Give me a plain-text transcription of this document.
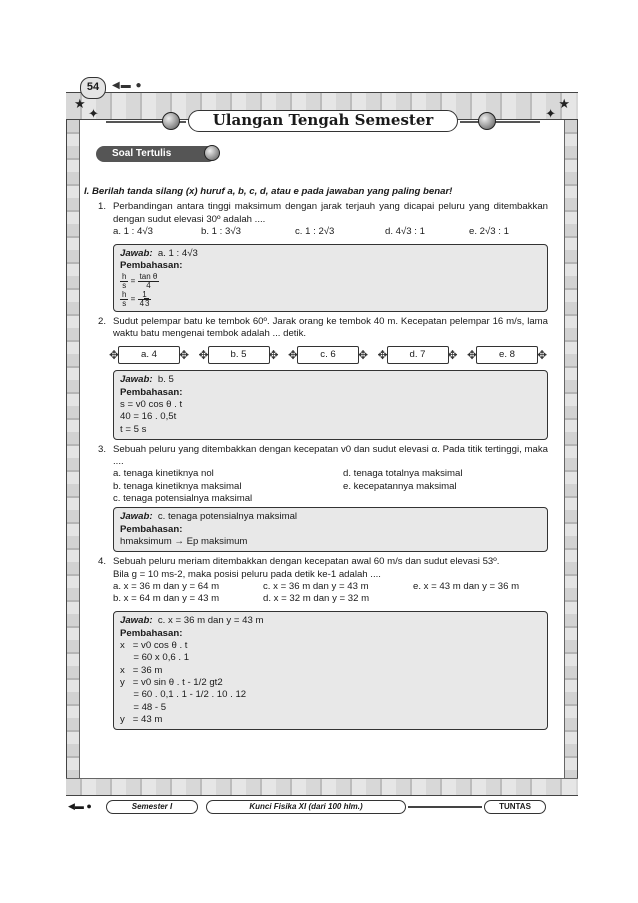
★
✦
★
✦
54	◀▬ ●
Ulangan Tengah Semester
Soal Tertulis
I. Berilah tanda silang (x) huruf a, b, c, d, atau e pada jawaban yang paling benar!
1. Perbandingan antara tinggi maksimum dengan jarak terjauh yang dicapai peluru yang ditembakkan dengan sudut elevasi 30º adalah ....
a. 1 : 4√3	b. 1 : 3√3	c. 1 : 2√3	d. 4√3 : 1	e. 2√3 : 1
Jawab: a. 1 : 4√3
Pembahasan:
$\frac{h}{s} = \frac{\text{tan θ}}{4}$
$\frac{h}{s} = \frac{1}{43}$
2. Sudut pelempar batu ke tembok 60º. Jarak orang ke tembok 40 m. Kecepatan pelempar 16 m/s, lama waktu batu mengenai tembok adalah ... detik.
✥ a. 4 ✥	✥ b. 5 ✥	✥ c. 6 ✥	✥ d. 7 ✥	✥ e. 8 ✥
Jawab: b. 5
Pembahasan:
s = v0 cos θ . t
40 = 16 . 0,5t
t = 5 s
3. Sebuah peluru yang ditembakkan dengan kecepatan v0 dan sudut elevasi α. Pada titik tertinggi, maka ....
a. tenaga kinetiknya nol	d. tenaga totalnya maksimal
b. tenaga kinetiknya maksimal	e. kecepatannya maksimal
c. tenaga potensialnya maksimal
Jawab: c. tenaga potensialnya maksimal
Pembahasan:
hmaksimum → Ep maksimum
4. Sebuah peluru meriam ditembakkan dengan kecepatan awal 60 m/s dan sudut elevasi 53º.
Bila g = 10 ms-2, maka posisi peluru pada detik ke-1 adalah ....
a. x = 36 m dan y = 64 m	c. x = 36 m dan y = 43 m	e. x = 43 m dan y = 36 m
b. x = 64 m dan y = 43 m	d. x = 32 m dan y = 32 m
Jawab: c. x = 36 m dan y = 43 m
Pembahasan:
x   = v0 cos θ . t
= 60 x 0,6 . 1
x   = 36 m
y   = v0 sin θ . t - 1/2 gt2
= 60 . 0,1 . 1 - 1/2 . 10 . 12
= 48 - 5
y   = 43 m
◀▬ ●	Semester I	Kunci Fisika XI (dari 100 hlm.)	TUNTAS
